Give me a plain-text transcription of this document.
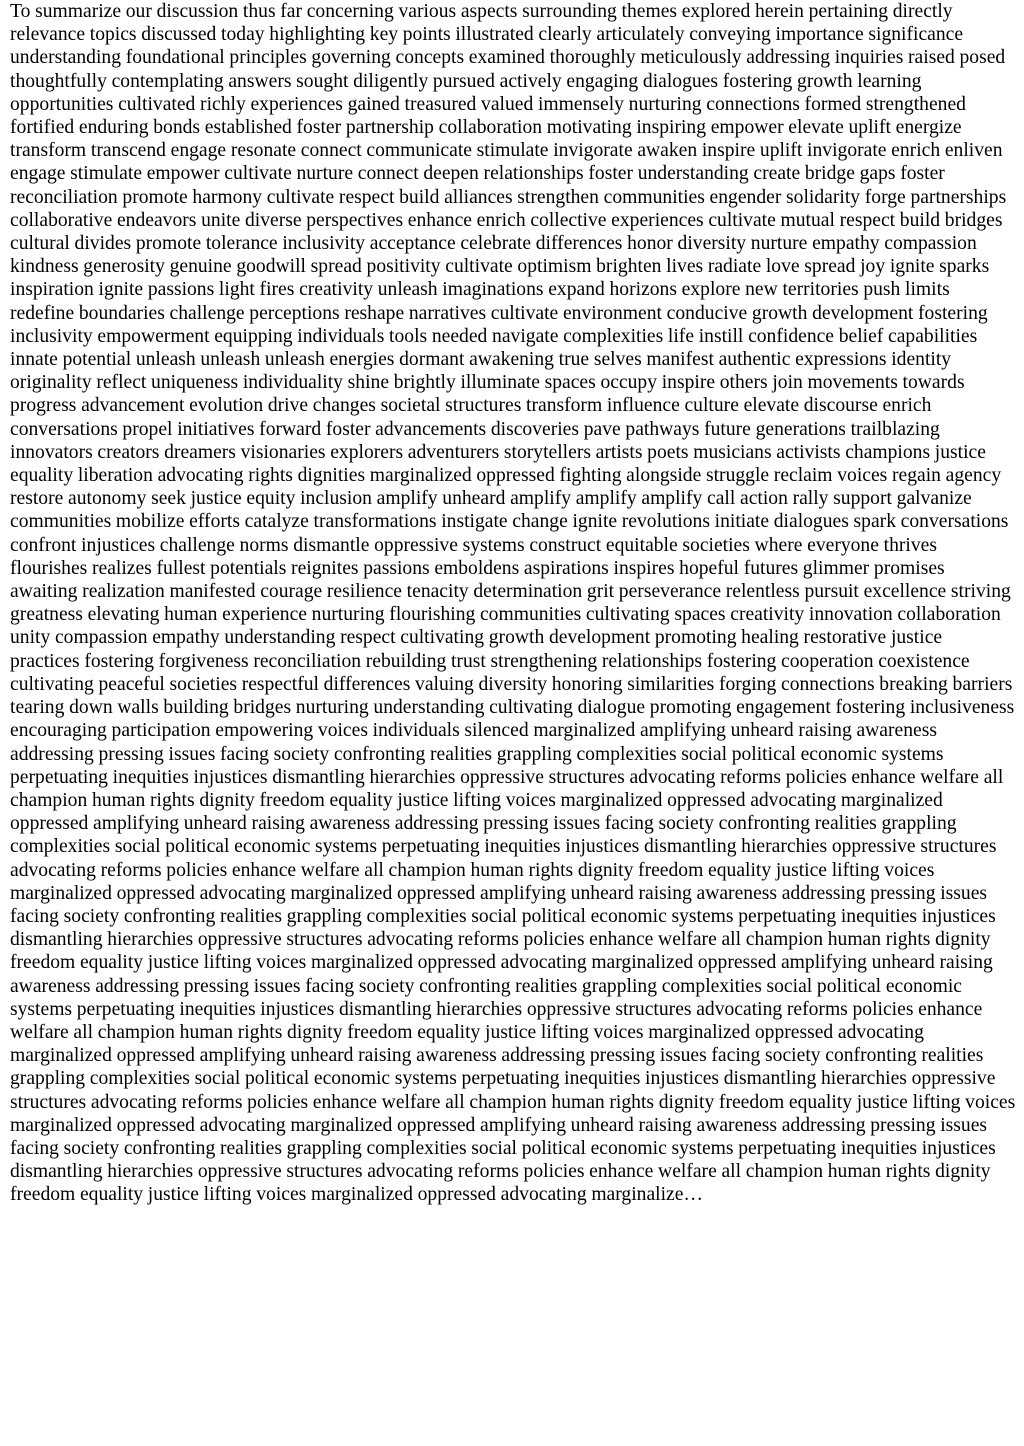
To summarize our discussion thus far concerning various aspects surrounding themes explored herein pertaining directly relevance topics discussed today highlighting key points illustrated clearly articulately conveying importance significance understanding foundational principles governing concepts examined thoroughly meticulously addressing inquiries raised posed thoughtfully contemplating answers sought diligently pursued actively engaging dialogues fostering growth learning opportunities cultivated richly experiences gained treasured valued immensely nurturing connections formed strengthened fortified enduring bonds established foster partnership collaboration motivating inspiring empower elevate uplift energize transform transcend engage resonate connect communicate stimulate invigorate awaken inspire uplift invigorate enrich enliven engage stimulate empower cultivate nurture connect deepen relationships foster understanding create bridge gaps foster reconciliation promote harmony cultivate respect build alliances strengthen communities engender solidarity forge partnerships collaborative endeavors unite diverse perspectives enhance enrich collective experiences cultivate mutual respect build bridges cultural divides promote tolerance inclusivity acceptance celebrate differences honor diversity nurture empathy compassion kindness generosity genuine goodwill spread positivity cultivate optimism brighten lives radiate love spread joy ignite sparks inspiration ignite passions light fires creativity unleash imaginations expand horizons explore new territories push limits redefine boundaries challenge perceptions reshape narratives cultivate environment conducive growth development fostering inclusivity empowerment equipping individuals tools needed navigate complexities life instill confidence belief capabilities innate potential unleash unleash unleash energies dormant awakening true selves manifest authentic expressions identity originality reflect uniqueness individuality shine brightly illuminate spaces occupy inspire others join movements towards progress advancement evolution drive changes societal structures transform influence culture elevate discourse enrich conversations propel initiatives forward foster advancements discoveries pave pathways future generations trailblazing innovators creators dreamers visionaries explorers adventurers storytellers artists poets musicians activists champions justice equality liberation advocating rights dignities marginalized oppressed fighting alongside struggle reclaim voices regain agency restore autonomy seek justice equity inclusion amplify unheard amplify amplify amplify call action rally support galvanize communities mobilize efforts catalyze transformations instigate change ignite revolutions initiate dialogues spark conversations confront injustices challenge norms dismantle oppressive systems construct equitable societies where everyone thrives flourishes realizes fullest potentials reignites passions emboldens aspirations inspires hopeful futures glimmer promises awaiting realization manifested courage resilience tenacity determination grit perseverance relentless pursuit excellence striving greatness elevating human experience nurturing flourishing communities cultivating spaces creativity innovation collaboration unity compassion empathy understanding respect cultivating growth development promoting healing restorative justice practices fostering forgiveness reconciliation rebuilding trust strengthening relationships fostering cooperation coexistence cultivating peaceful societies respectful differences valuing diversity honoring similarities forging connections breaking barriers tearing down walls building bridges nurturing understanding cultivating dialogue promoting engagement fostering inclusiveness encouraging participation empowering voices individuals silenced marginalized amplifying unheard raising awareness addressing pressing issues facing society confronting realities grappling complexities social political economic systems perpetuating inequities injustices dismantling hierarchies oppressive structures advocating reforms policies enhance welfare all champion human rights dignity freedom equality justice lifting voices marginalized oppressed advocating marginalized oppressed amplifying unheard raising awareness addressing pressing issues facing society confronting realities grappling complexities social political economic systems perpetuating inequities injustices dismantling hierarchies oppressive structures advocating reforms policies enhance welfare all champion human rights dignity freedom equality justice lifting voices marginalized oppressed advocating marginalized oppressed amplifying unheard raising awareness addressing pressing issues facing society confronting realities grappling complexities social political economic systems perpetuating inequities injustices dismantling hierarchies oppressive structures advocating reforms policies enhance welfare all champion human rights dignity freedom equality justice lifting voices marginalized oppressed advocating marginalized oppressed amplifying unheard raising awareness addressing pressing issues facing society confronting realities grappling complexities social political economic systems perpetuating inequities injustices dismantling hierarchies oppressive structures advocating reforms policies enhance welfare all champion human rights dignity freedom equality justice lifting voices marginalized oppressed advocating marginalized oppressed amplifying unheard raising awareness addressing pressing issues facing society confronting realities grappling complexities social political economic systems perpetuating inequities injustices dismantling hierarchies oppressive structures advocating reforms policies enhance welfare all champion human rights dignity freedom equality justice lifting voices marginalized oppressed advocating marginalized oppressed amplifying unheard raising awareness addressing pressing issues facing society confronting realities grappling complexities social political economic systems perpetuating inequities injustices dismantling hierarchies oppressive structures advocating reforms policies enhance welfare all champion human rights dignity freedom equality justice lifting voices marginalized oppressed advocating marginalize…
